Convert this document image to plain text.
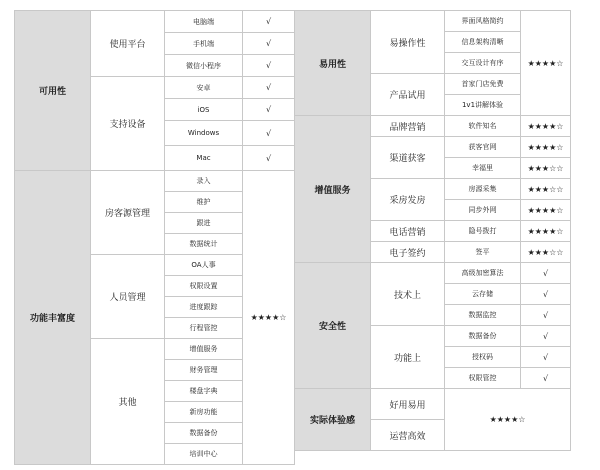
可用性	使用平台	电脑端	√
		手机端	√
		微信小程序	√
	支持设备	安卓	√
		iOS	√
		Windows	√
		Mac	√
功能丰富度	房客源管理	录入	★★★★☆
		维护	
		跟进	
		数据统计	
	人员管理	OA人事	
		权限设置	
		进度跟踪	
		行程管控	
	其他	增值服务	
		财务管理	
		楼盘字典	
		新房功能	
		数据备份	
		培训中心	
易用性	易操作性	界面风格简约	★★★★☆
		信息架构清晰	
		交互设计有序	
	产品试用	首家门店免费	
		1v1讲解体验	
增值服务	品牌营销	软件知名	★★★★☆
	渠道获客	获客官网	★★★★☆
		幸福里	★★★☆☆
	采房发房	房源采集	★★★☆☆
		同步外网	★★★★☆
	电话营销	隐号拨打	★★★★☆
	电子签约	签平	★★★☆☆
安全性	技术上	高级加密算法	√
		云存储	√
		数据监控	√
	功能上	数据备份	√
		授权码	√
		权限管控	√
实际体验感	好用易用	★★★★☆	
	运营高效		
